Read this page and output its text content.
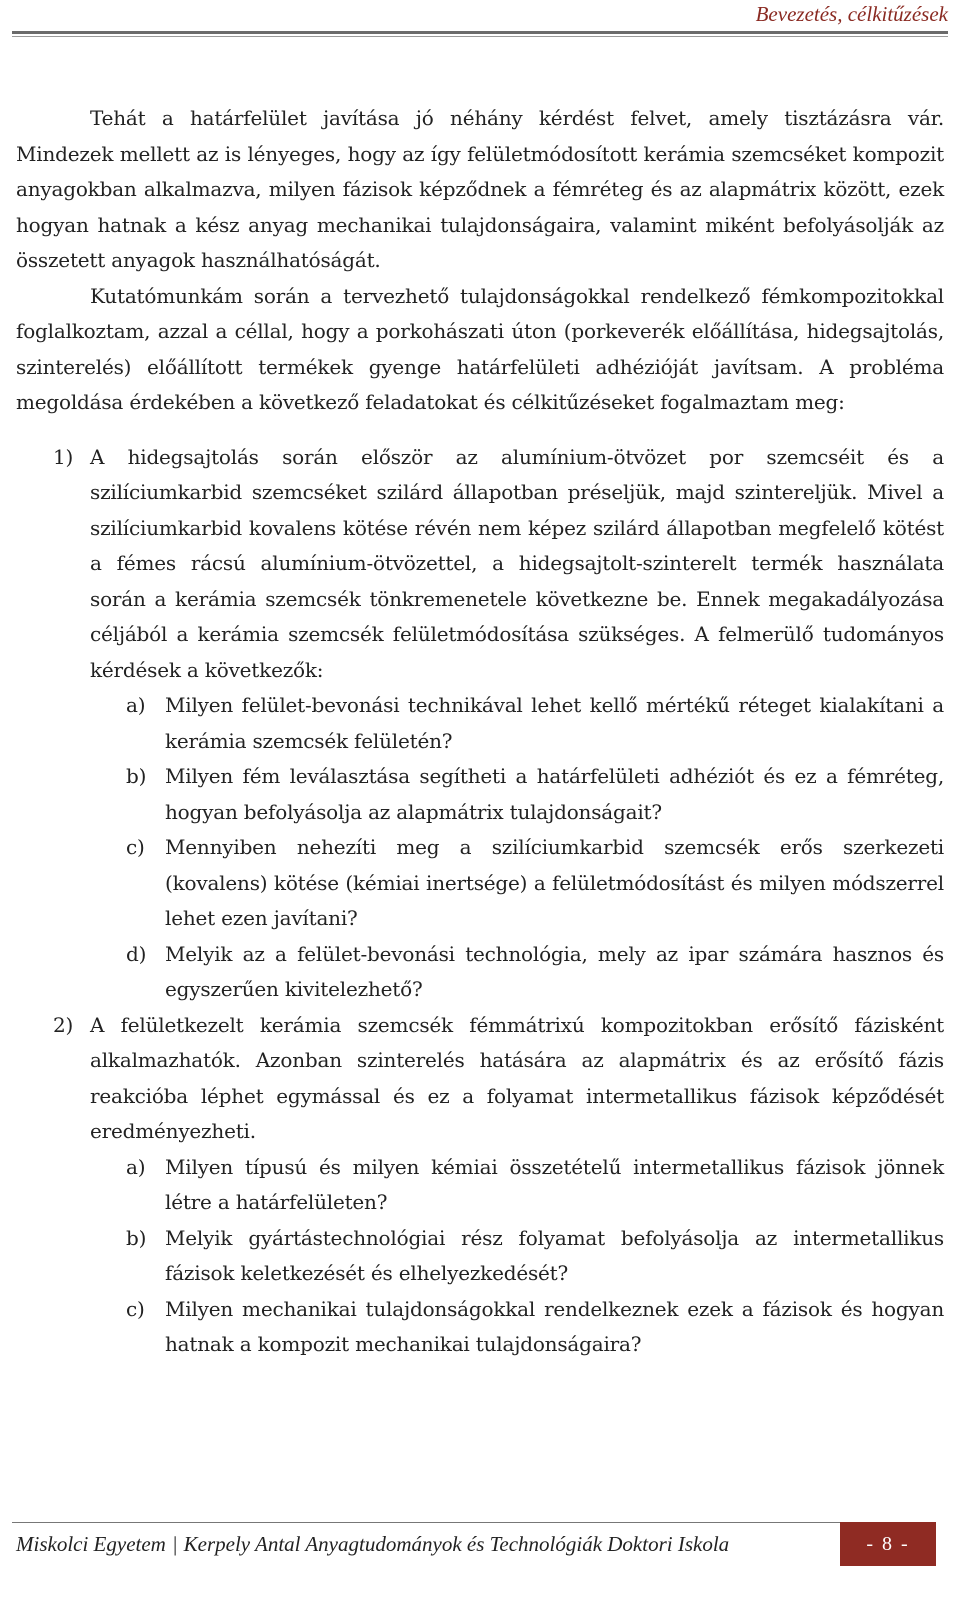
Bevezetés, célkitűzések

Tehát a határfelület javítása jó néhány kérdést felvet, amely tisztázásra vár. Mindezek mellett az is lényeges, hogy az így felületmódosított kerámia szemcséket kompozit anyagokban alkalmazva, milyen fázisok képződnek a fémréteg és az alapmátrix között, ezek hogyan hatnak a kész anyag mechanikai tulajdonságaira, valamint miként befolyásolják az összetett anyagok használhatóságát.

Kutatómunkám során a tervezhető tulajdonságokkal rendelkező fémkompozitokkal foglalkoztam, azzal a céllal, hogy a porkohászati úton (porkeverék előállítása, hidegsajtolás, szinterelés) előállított termékek gyenge határfelületi adhézióját javítsam. A probléma megoldása érdekében a következő feladatokat és célkitűzéseket fogalmaztam meg:

1) A hidegsajtolás során először az alumínium-ötvözet por szemcséit és a szilíciumkarbid szemcséket szilárd állapotban préseljük, majd szintereljük. Mivel a szilíciumkarbid kovalens kötése révén nem képez szilárd állapotban megfelelő kötést a fémes rácsú alumínium-ötvözettel, a hidegsajtolt-szinterelt termék használata során a kerámia szemcsék tönkremenetele következne be. Ennek megakadályozása céljából a kerámia szemcsék felületmódosítása szükséges. A felmerülő tudományos kérdések a következők:
a) Milyen felület-bevonási technikával lehet kellő mértékű réteget kialakítani a kerámia szemcsék felületén?
b) Milyen fém leválasztása segítheti a határfelületi adhéziót és ez a fémréteg, hogyan befolyásolja az alapmátrix tulajdonságait?
c)	Mennyiben nehezíti meg a szilíciumkarbid szemcsék erős szerkezeti (kovalens) kötése (kémiai inertsége) a felületmódosítást és milyen módszerrel lehet ezen javítani?
d) Melyik az a felület-bevonási technológia, mely az ipar számára hasznos és egyszerűen kivitelezhető?
2) A felületkezelt kerámia szemcsék fémmátrixú kompozitokban erősítő fázisként alkalmazhatók. Azonban szinterelés hatására az alapmátrix és az erősítő fázis reakcióba léphet egymással és ez a folyamat intermetallikus fázisok képződését eredményezheti.
a) Milyen típusú és milyen kémiai összetételű intermetallikus fázisok jönnek létre a határfelületen?
b) Melyik gyártástechnológiai rész folyamat befolyásolja az intermetallikus fázisok keletkezését és elhelyezkedését?
c)	Milyen mechanikai tulajdonságokkal rendelkeznek ezek a fázisok és hogyan hatnak a kompozit mechanikai tulajdonságaira?
Miskolci Egyetem | Kerpely Antal Anyagtudományok és Technológiák Doktori Iskola	- 8 -
